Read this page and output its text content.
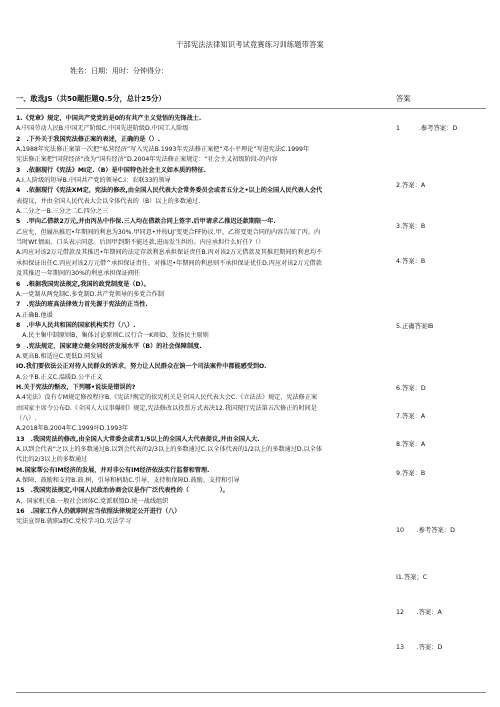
干部宪法法律知识考试竟赛练习训练题带答案
姓名：日期：用时：分钟得分：
一、敢选JS（共50题拒题Q.5分，总计25分）	答案
1.《党章》规定，中国共产党党的是0的有共产主义觉悟的先锋战士.
A.中国劳动人民B.中国无产阶级C.中国先进阶级D.中国工人阶级
2　.下外关于我国宪法修正案的表述，正确的是（）.
A,1988年宪法修正案第一次把“私营经济”写入宪法B.1993年宪法修正案把“邓小平理论”写进宪法C.1999年
宪法修正案把“国营经济”改为“国有经济”D.2004年宪法修正案规定：“社会主义初级阶段-的内容
3　.依据现行《宪法》Mi定.（B）是中国特色社会主义如本质的特征.
A.I.人阶级的短导B.中国共产党的领导C.I：农联33的领导
4　.依据现行《宪法XM定，宪法的修改,由全国人民代表大会常务委员会或者五分之•以上的全国人民代表人会代
表提议，并由全国人民代表大会以全体代表的（B）以上的多数通过.
A.二分之一B.三分之二C.四分之三
5　.甲向乙借款2万元,并由丙丛中作保.三人均在借款合同上签字.后甲请求乙推迟还款期限一年.
乙应允，但履出推迟•年期间的利息为30%.甲同意•并按UJ’变更合FF协议.甲、乙将变更合同的内容告知了丙。内
当时Wf.情面、口头表示同意。后因甲到期不能还款,进而发生纠纷。内应承担什么好任?（）
A.丙应对该2万元借款及其推迟•年期间的法定存款利息承担保证责任B.丙对该2万元借款及其推迟期间的利息均不
承担保证出任C.丙应对该2万元借^承担保证责任，对推迟•年期间的利息则不承担保证优任D.丙应对该2万元借款
及其推迟一年期间的30%的利息承担保证阀任
6　.根据我国宪法规定,我国的政党制度是（D）。
A.一党制从两党制C.多党制D.共产党领导的多党合作制
7　.宪法的班高法律效力首先源于宪法的正当性.
A.正确B.他谖
8　.中华人民共和国的国家机构实行（八）.
　A.民主集中制原则B，集体讨论原则C.议行合一Ki则D、发扬民主原则
9　.宪法规定，国家建立健全同经济发展水平（B）的社会保障制度.
A.更高B.相适应C.更低D.同发展
IO.我们要依法公正对待人民群众的诉求，努力让人民群众在饷一个司法案件中都能感受到O.
A.公平B.正义C.温暖D.公平正义
H.关于宪法的惭改，下列哪•说法是错误的?
A.4宪法》没有专M规定修改程序B.《宪法?规定的依宪机关是全国人民代表大会C.《立法法》规定，宪法修正案
由国家主席令公布D.《全国人大议事爆则》规定,宪法修改以投票方式表决12.我国现行宪法第五次修正的时间是
（八）.
A.2018年B.2004年C.1999坏D.1993年
13　.我国宪法的修改,由全国人大常委会或者1/5以上的全国人大代表提议,并由全国人大.
A.以到会代表“之以上的多数通过B.以到会代表的2/3以上的多数逋过C.以全体代表的1/2以上的多数通过D.以全体
代比的2/3以上的多数通过
M.国家帮公有IM经济的发展，并对非公有IM经济依法实行监督和管理.
A.保障、鼓励和支持B.鼓.树，引导和柄助C.引导、支持和保障D.鼓励、支持和引导
15　.我国宪法规定,中国人民政治协商会议是作广泛代表性的（　　　　　）。
A、国家机关B.一般社会团体C.党派联盟D.统一战线组织
16　.国家工作人仍就职时应当依照法律规定公开进行（八）
宪法宣智B.就职a野C.党校学习D.宪法学习
1　　　.参考答案：D
2.答案：A
3.答案：B
4.答案：B
5.正确答案IB
6.答案：D
7.答案：A
8.答案：A
9.答案：B
10　　.参考答案：D
I1.答案；C
12　　.答案：A
13　　.答案：D
